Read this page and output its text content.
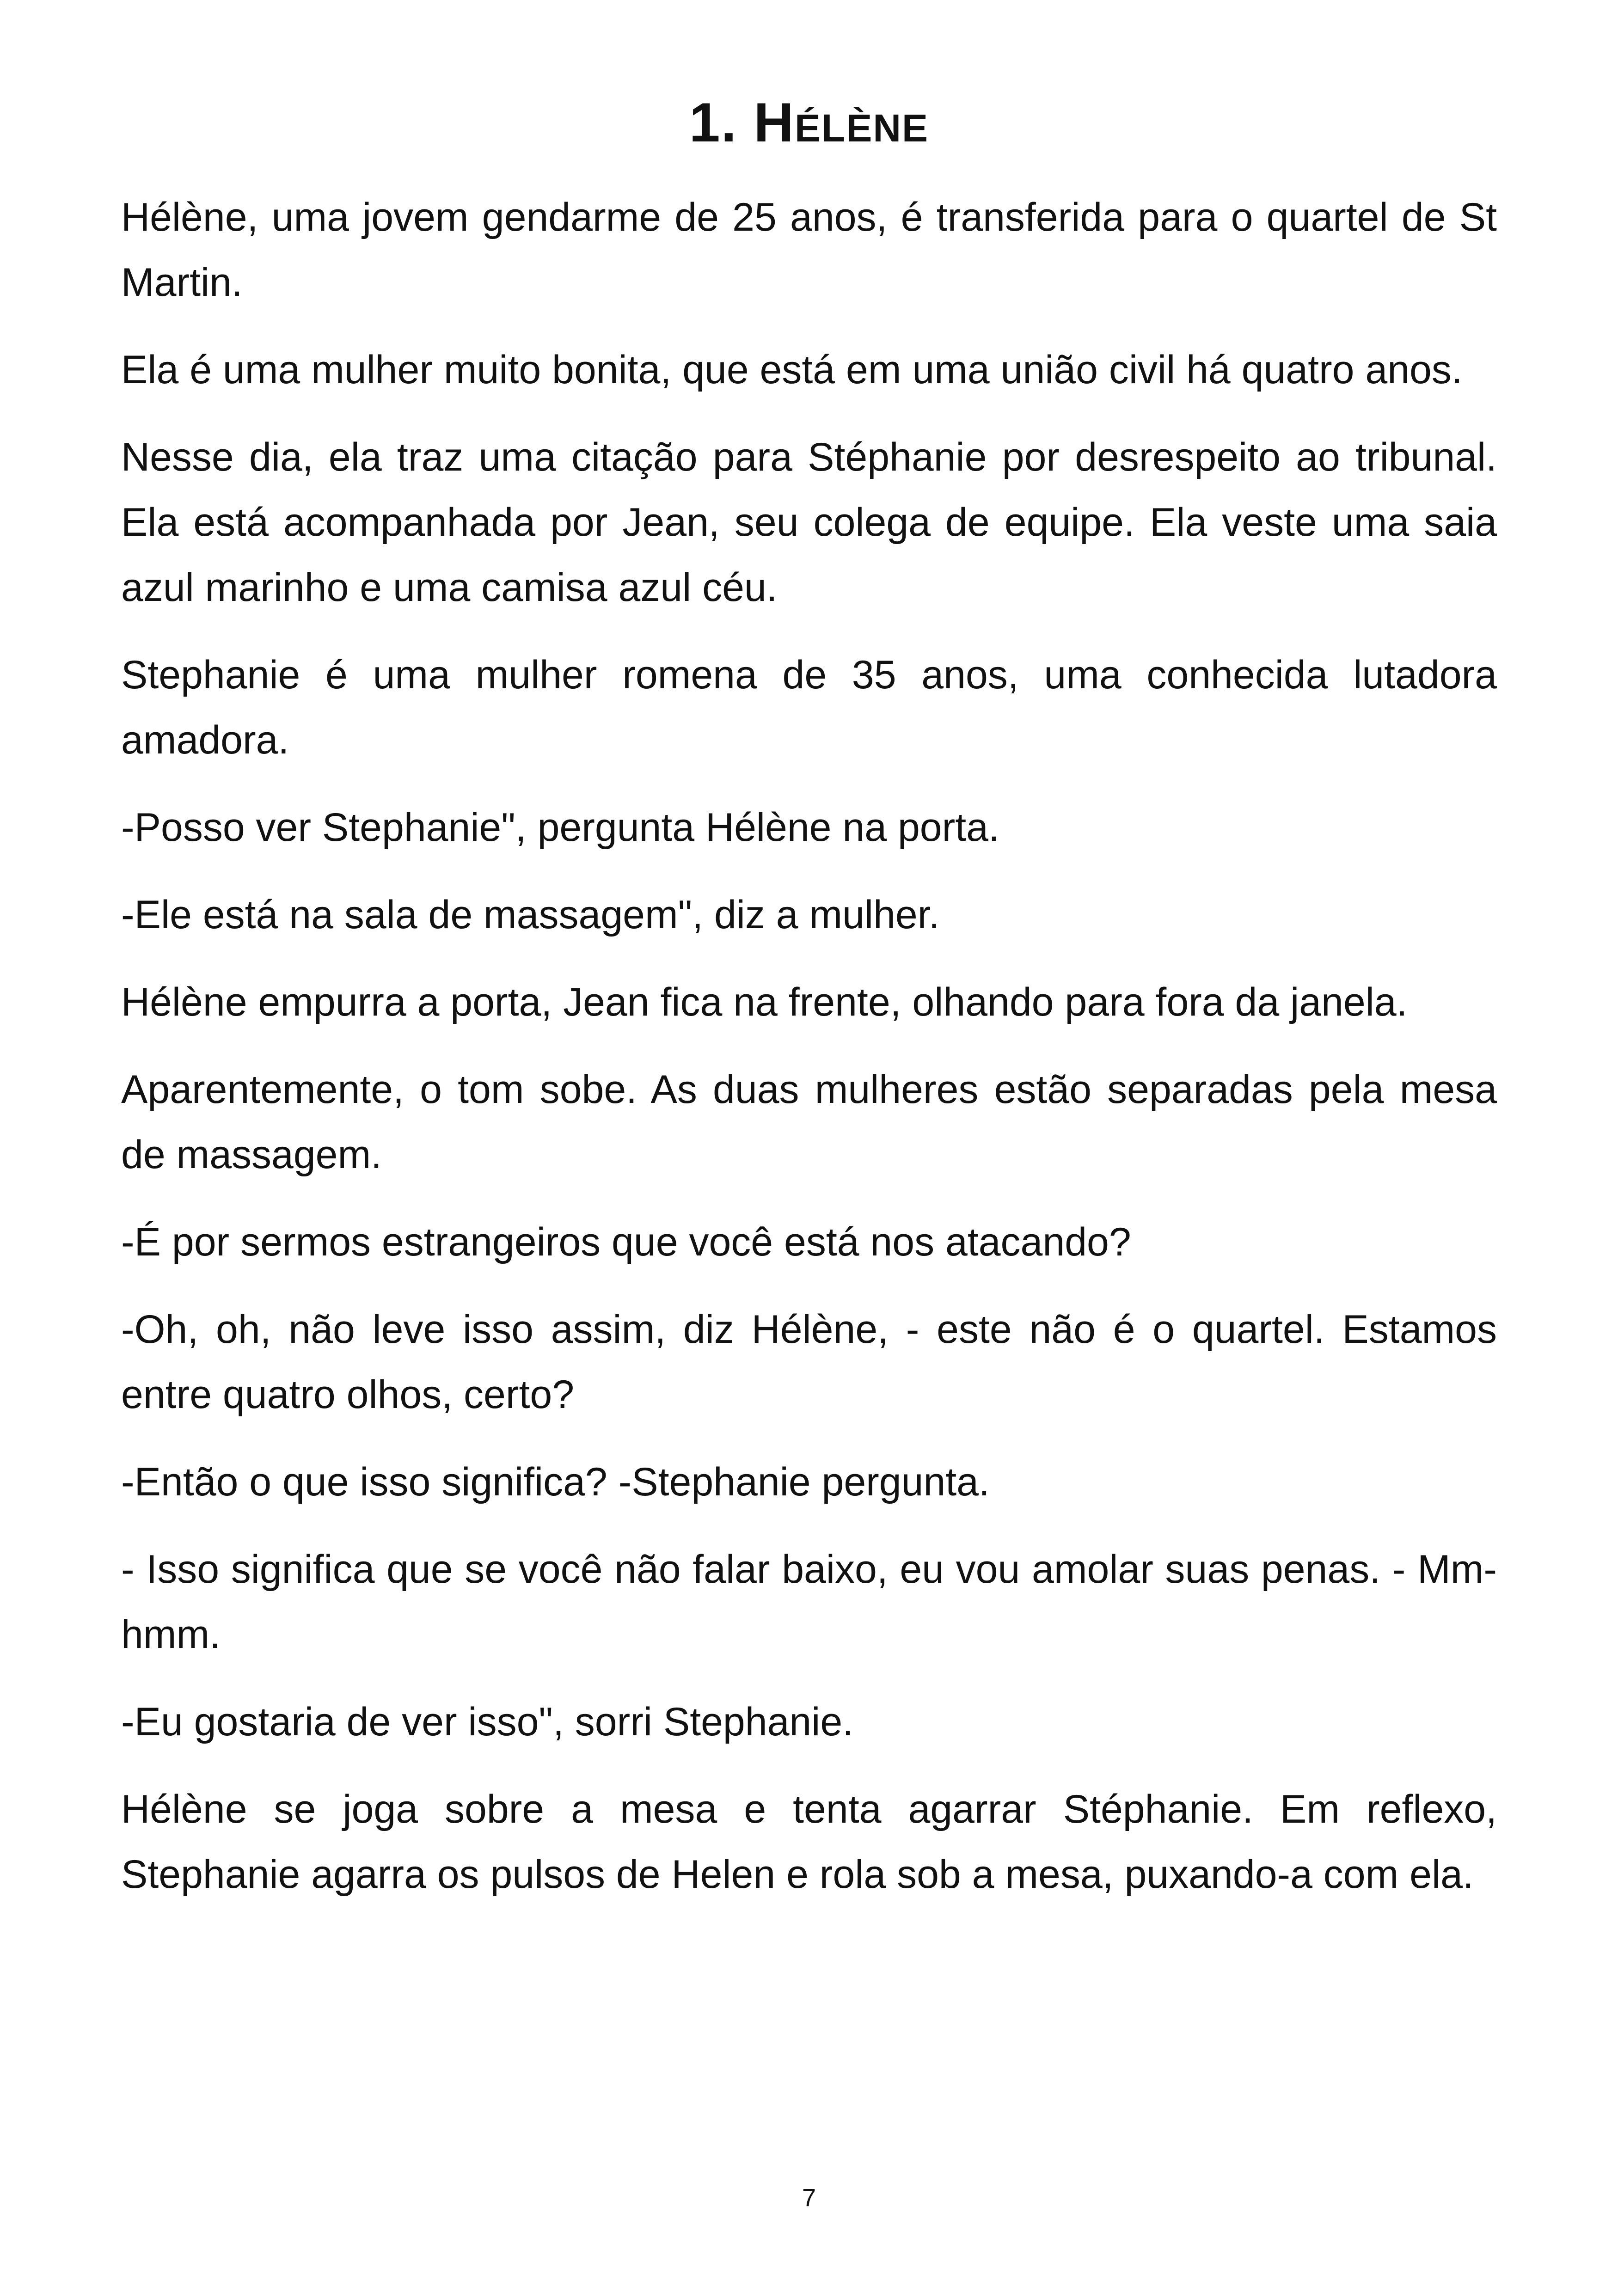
1. Hélène

Hélène, uma jovem gendarme de 25 anos, é transferida para o quartel de St Martin.

Ela é uma mulher muito bonita, que está em uma união civil há quatro anos.

Nesse dia, ela traz uma citação para Stéphanie por desrespeito ao tribunal. Ela está acompanhada por Jean, seu colega de equipe. Ela veste uma saia azul marinho e uma camisa azul céu.

Stephanie é uma mulher romena de 35 anos, uma conhecida lutadora amadora.

-Posso ver Stephanie", pergunta Hélène na porta.

-Ele está na sala de massagem", diz a mulher.

Hélène empurra a porta, Jean fica na frente, olhando para fora da janela.

Aparentemente, o tom sobe. As duas mulheres estão separadas pela mesa de massagem.

-É por sermos estrangeiros que você está nos atacando?

-Oh, oh, não leve isso assim, diz Hélène, - este não é o quartel. Estamos entre quatro olhos, certo?

-Então o que isso significa? -Stephanie pergunta.

- Isso significa que se você não falar baixo, eu vou amolar suas penas. - Mm-hmm.

-Eu gostaria de ver isso", sorri Stephanie.

Hélène se joga sobre a mesa e tenta agarrar Stéphanie. Em reflexo, Stephanie agarra os pulsos de Helen e rola sob a mesa, puxando-a com ela.

7
